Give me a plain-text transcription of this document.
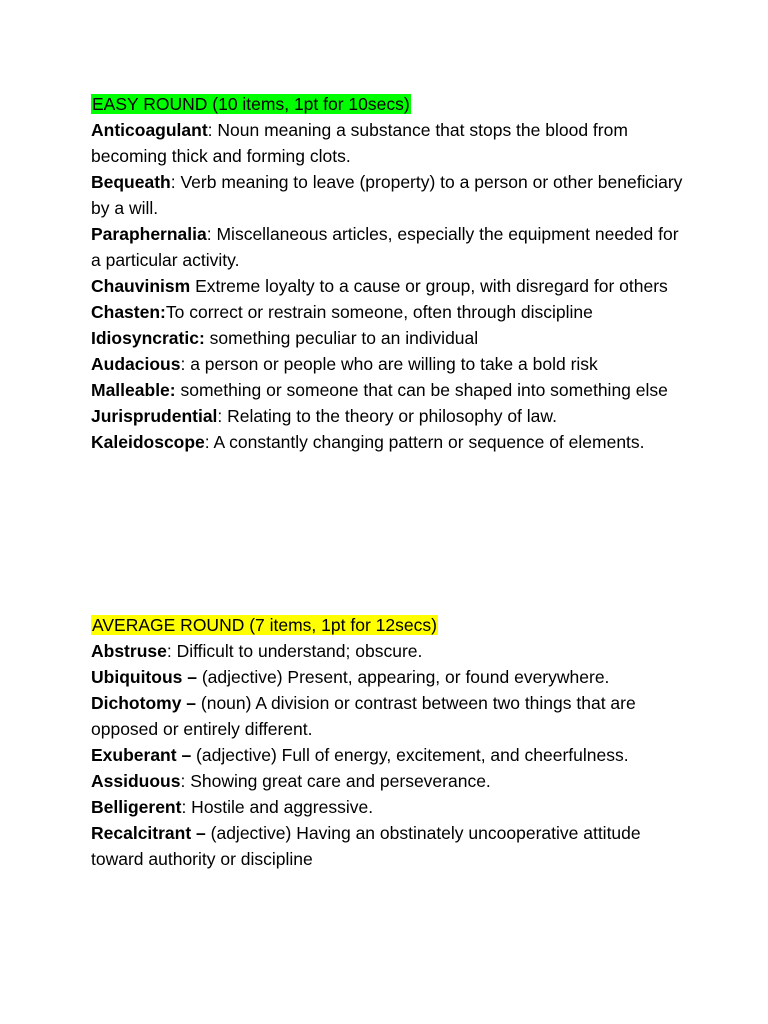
EASY ROUND (10 items, 1pt for 10secs)
Anticoagulant: Noun meaning a substance that stops the blood from becoming thick and forming clots.
Bequeath: Verb meaning to leave (property) to a person or other beneficiary by a will.
Paraphernalia: Miscellaneous articles, especially the equipment needed for a particular activity.
Chauvinism Extreme loyalty to a cause or group, with disregard for others
Chasten:To correct or restrain someone, often through discipline
Idiosyncratic: something peculiar to an individual
Audacious: a person or people who are willing to take a bold risk
Malleable: something or someone that can be shaped into something else
Jurisprudential: Relating to the theory or philosophy of law.
Kaleidoscope: A constantly changing pattern or sequence of elements.
AVERAGE ROUND (7 items, 1pt for 12secs)
Abstruse: Difficult to understand; obscure.
Ubiquitous – (adjective) Present, appearing, or found everywhere.
Dichotomy – (noun) A division or contrast between two things that are opposed or entirely different.
Exuberant – (adjective) Full of energy, excitement, and cheerfulness.
Assiduous: Showing great care and perseverance.
Belligerent: Hostile and aggressive.
Recalcitrant – (adjective) Having an obstinately uncooperative attitude toward authority or discipline
